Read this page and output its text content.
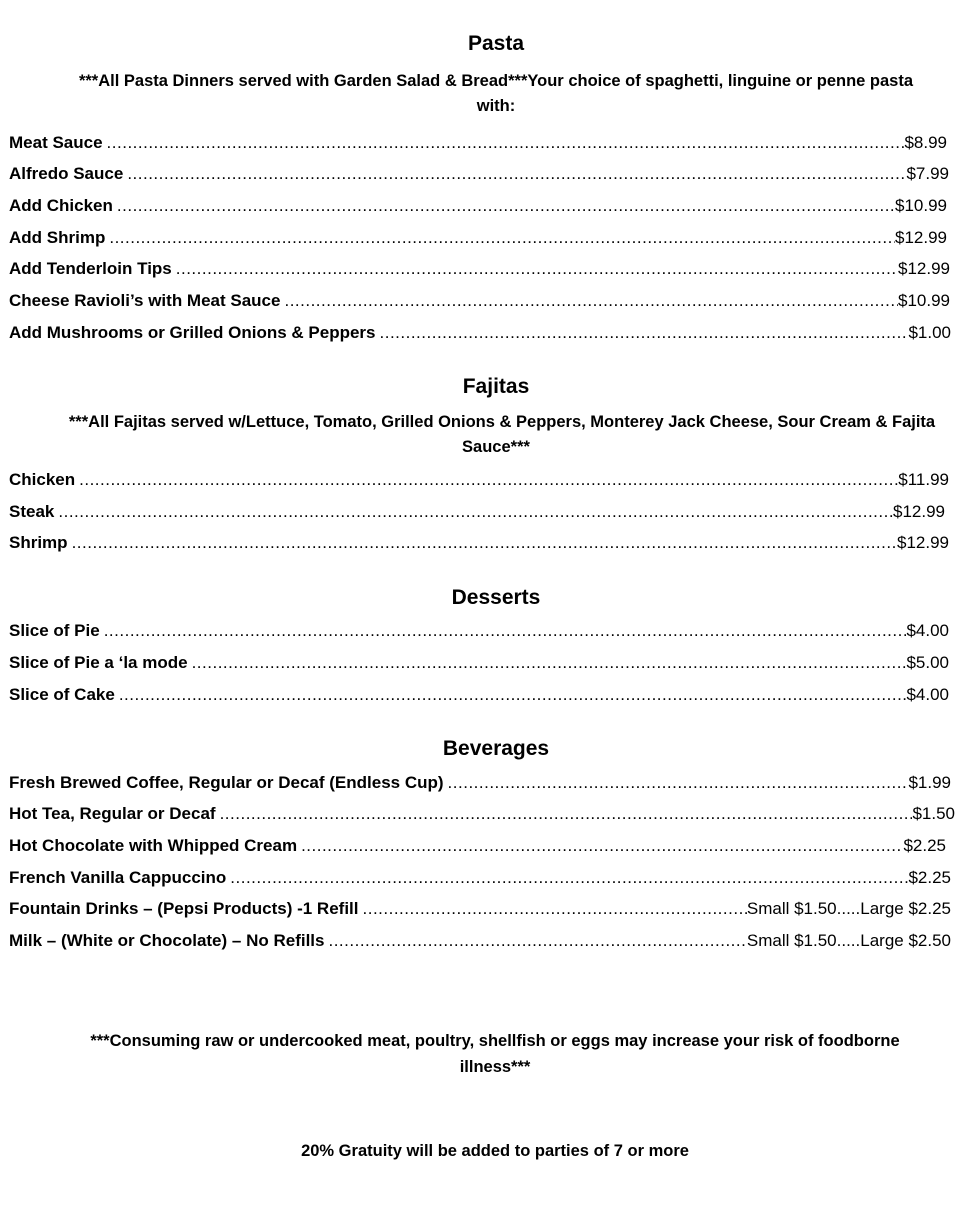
Pasta
***All Pasta Dinners served with Garden Salad & Bread***Your choice of spaghetti, linguine or penne pasta
with:
Meat Sauce .....	$8.99
Alfredo Sauce .....	$7.99
Add Chicken .....	$10.99
Add Shrimp .....	$12.99
Add Tenderloin Tips .....	$12.99
Cheese Ravioli’s with Meat Sauce .....	$10.99
Add Mushrooms or Grilled Onions & Peppers .....	$1.00
Fajitas
***All Fajitas served w/Lettuce, Tomato, Grilled Onions & Peppers, Monterey Jack Cheese, Sour Cream & Fajita
Sauce***
Chicken .....	$11.99
Steak .....	$12.99
Shrimp .....	$12.99
Desserts
Slice of Pie .....	$4.00
Slice of Pie a ‘la mode .....	$5.00
Slice of Cake .....	$4.00
Beverages
Fresh Brewed Coffee, Regular or Decaf (Endless Cup) .....	$1.99
Hot Tea, Regular or Decaf .....	$1.50
Hot Chocolate with Whipped Cream .....	$2.25
French Vanilla Cappuccino .....	$2.25
Fountain Drinks – (Pepsi Products) -1 Refill .....	Small $1.50.....Large $2.25
Milk – (White or Chocolate) – No Refills .....	Small $1.50.....Large $2.50
***Consuming raw or undercooked meat, poultry, shellfish or eggs may increase your risk of foodborne
illness***
20% Gratuity will be added to parties of 7 or more
